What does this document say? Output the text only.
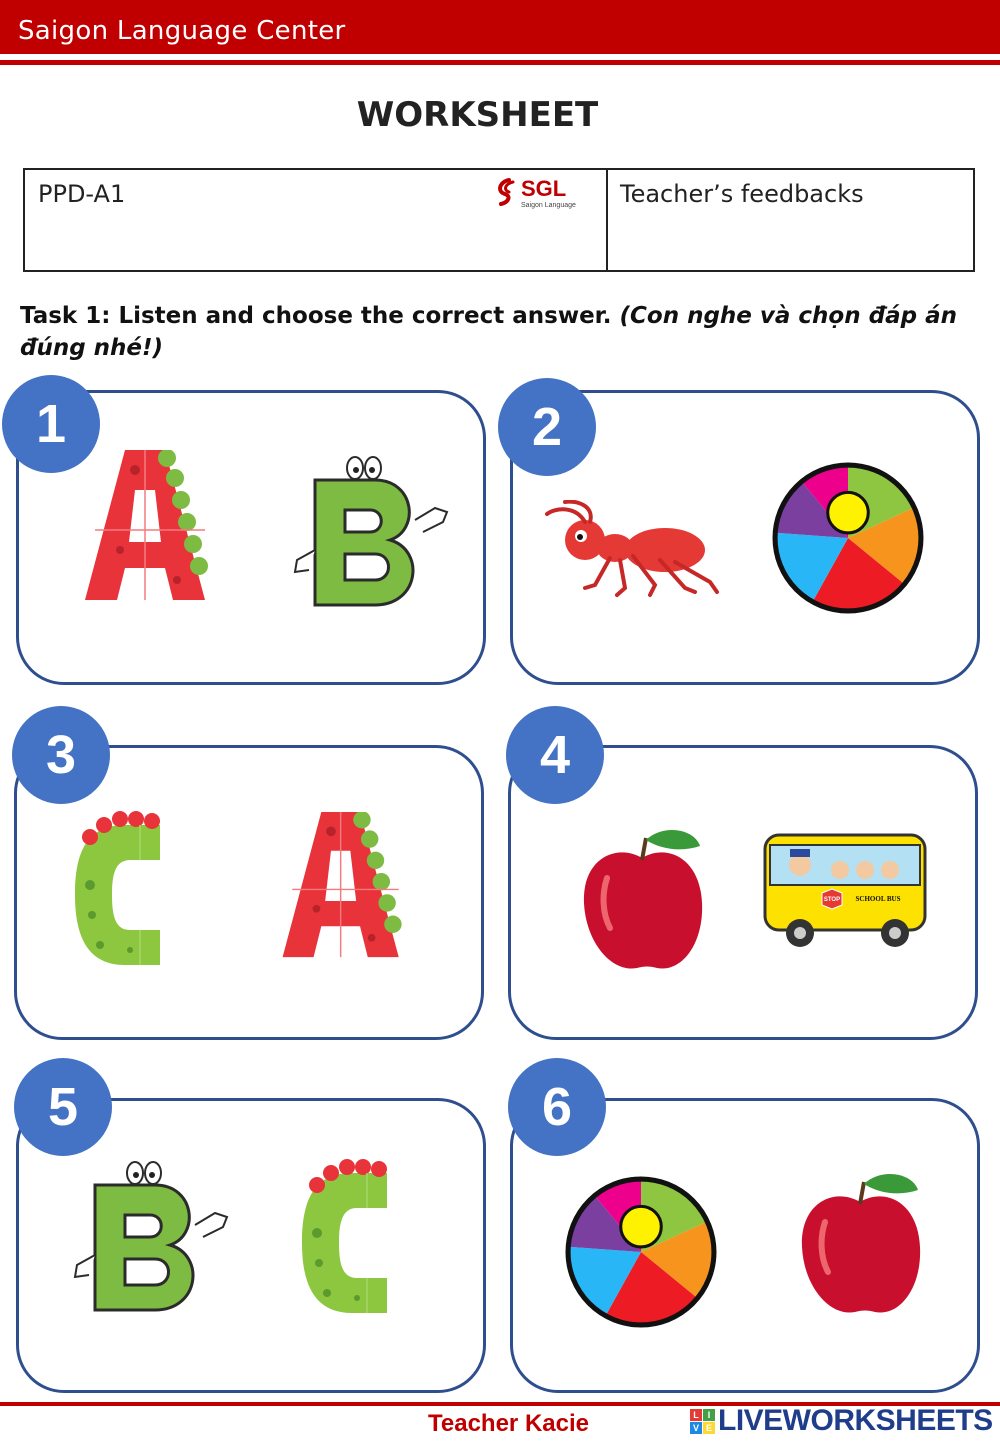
Saigon Language Center
WORKSHEET
PPD-A1	SGL
Saigon Language Teacher’s feedbacks
Task 1: Listen and choose the correct answer. (Con nghe và chọn đáp án đúng nhé!)
1	2
3	4
5	6
Teacher Kacie	L I
V E LIVEWORKSHEETS
